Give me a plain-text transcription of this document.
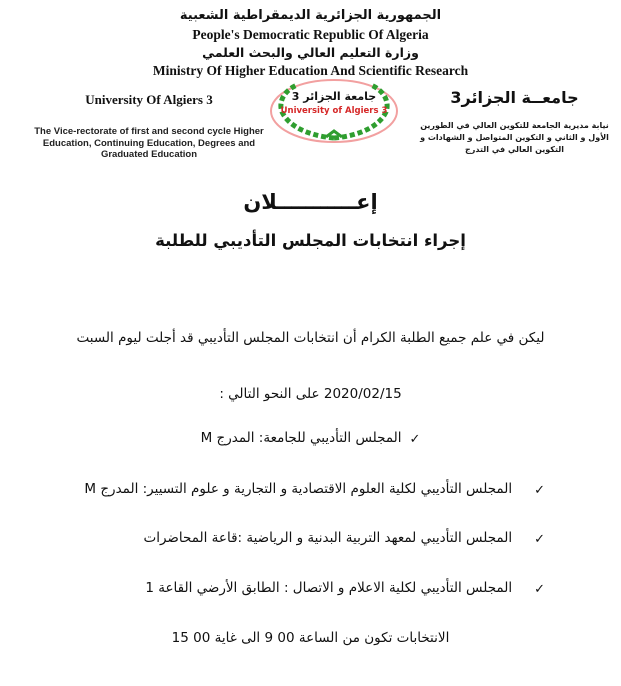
الجمهورية الجزائرية الديمقراطية الشعبية
People's Democratic Republic Of Algeria
وزارة التعليم العالي والبحث العلمي
Ministry Of Higher Education And Scientific Research
University Of Algiers 3
The Vice-rectorate of first and second cycle Higher Education, Continuing Education, Degrees and Graduated Education
جامعة الجزائر 3
University of Algiers 3
جامعــة الجزائر3
نيابة مديرية الجامعة للتكوين العالي في الطورين الأول و الثاني و التكوين المتواصل و الشهادات و التكوين العالي في التدرج
إعـــــــــــلان
إجراء انتخابات المجلس التأديبي للطلبة
ليكن في علم جميع الطلبة الكرام أن انتخابات المجلس التأديبي قد أجلت ليوم السبت
2020/02/15 على النحو التالي :
✓المجلس التأديبي للجامعة: المدرج M
✓المجلس التأديبي لكلية العلوم الاقتصادية و التجارية و علوم التسيير: المدرج M
✓المجلس التأديبي لمعهد التربية البدنية و الرياضية :قاعة المحاضرات
✓المجلس التأديبي لكلية الاعلام و الاتصال : الطابق الأرضي القاعة 1
الانتخابات تكون من الساعة 00 9 الى غاية 00 15
